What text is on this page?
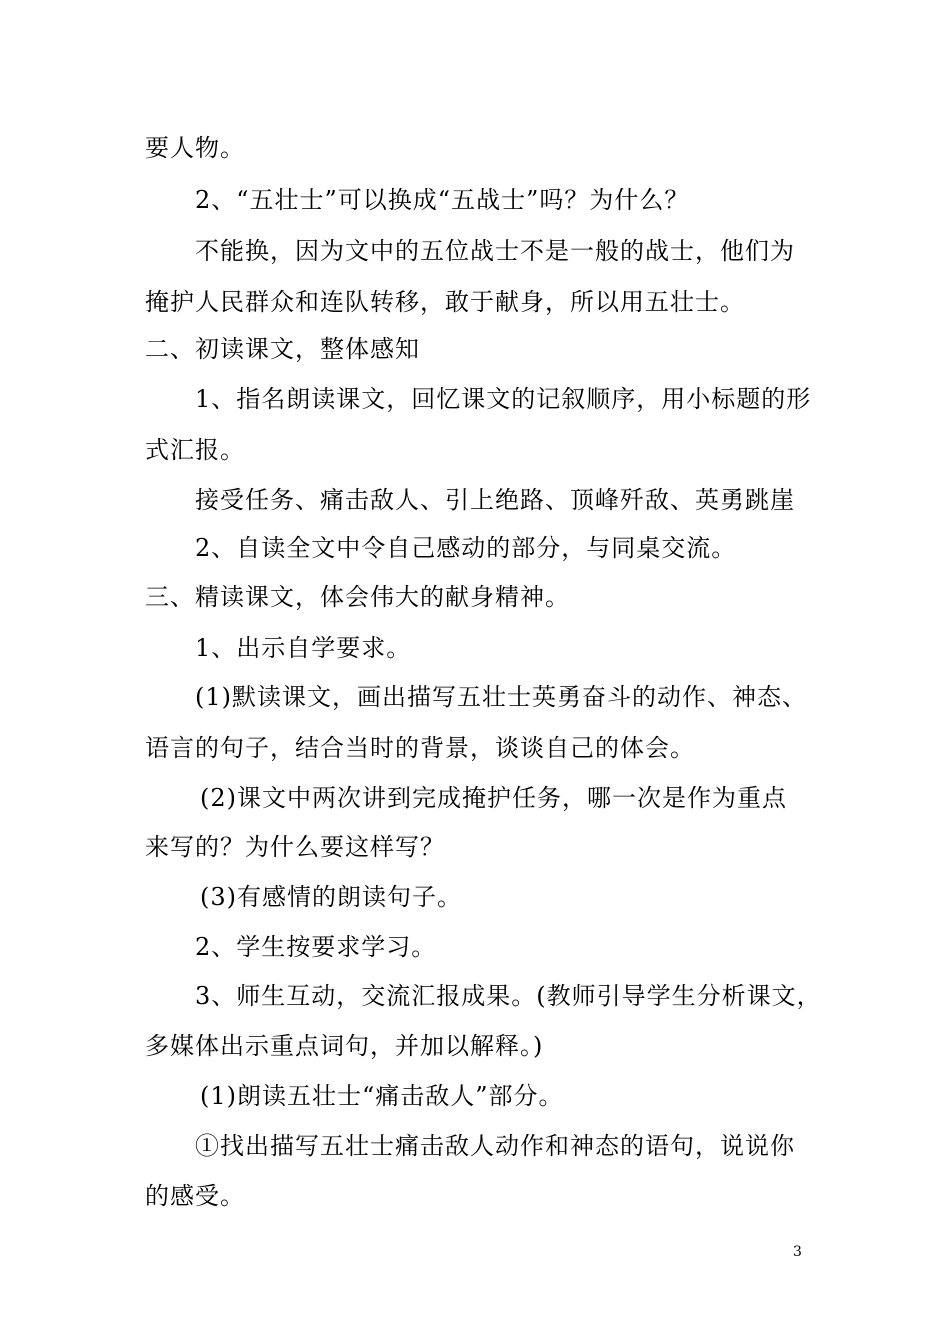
要人物。
2、“五壮士”可以换成“五战士”吗？为什么？
不能换，因为文中的五位战士不是一般的战士，他们为
掩护人民群众和连队转移，敢于献身，所以用五壮士。
二、初读课文，整体感知
1、指名朗读课文，回忆课文的记叙顺序，用小标题的形
式汇报。
接受任务、痛击敌人、引上绝路、顶峰歼敌、英勇跳崖
2、自读全文中令自己感动的部分，与同桌交流。
三、精读课文，体会伟大的献身精神。
1、出示自学要求。
(1)默读课文，画出描写五壮士英勇奋斗的动作、神态、
语言的句子，结合当时的背景，谈谈自己的体会。
(2)课文中两次讲到完成掩护任务，哪一次是作为重点
来写的？为什么要这样写？
(3)有感情的朗读句子。
2、学生按要求学习。
3、师生互动，交流汇报成果。(教师引导学生分析课文，
多媒体出示重点词句，并加以解释。)
(1)朗读五壮士“痛击敌人”部分。
①找出描写五壮士痛击敌人动作和神态的语句，说说你
的感受。
3
